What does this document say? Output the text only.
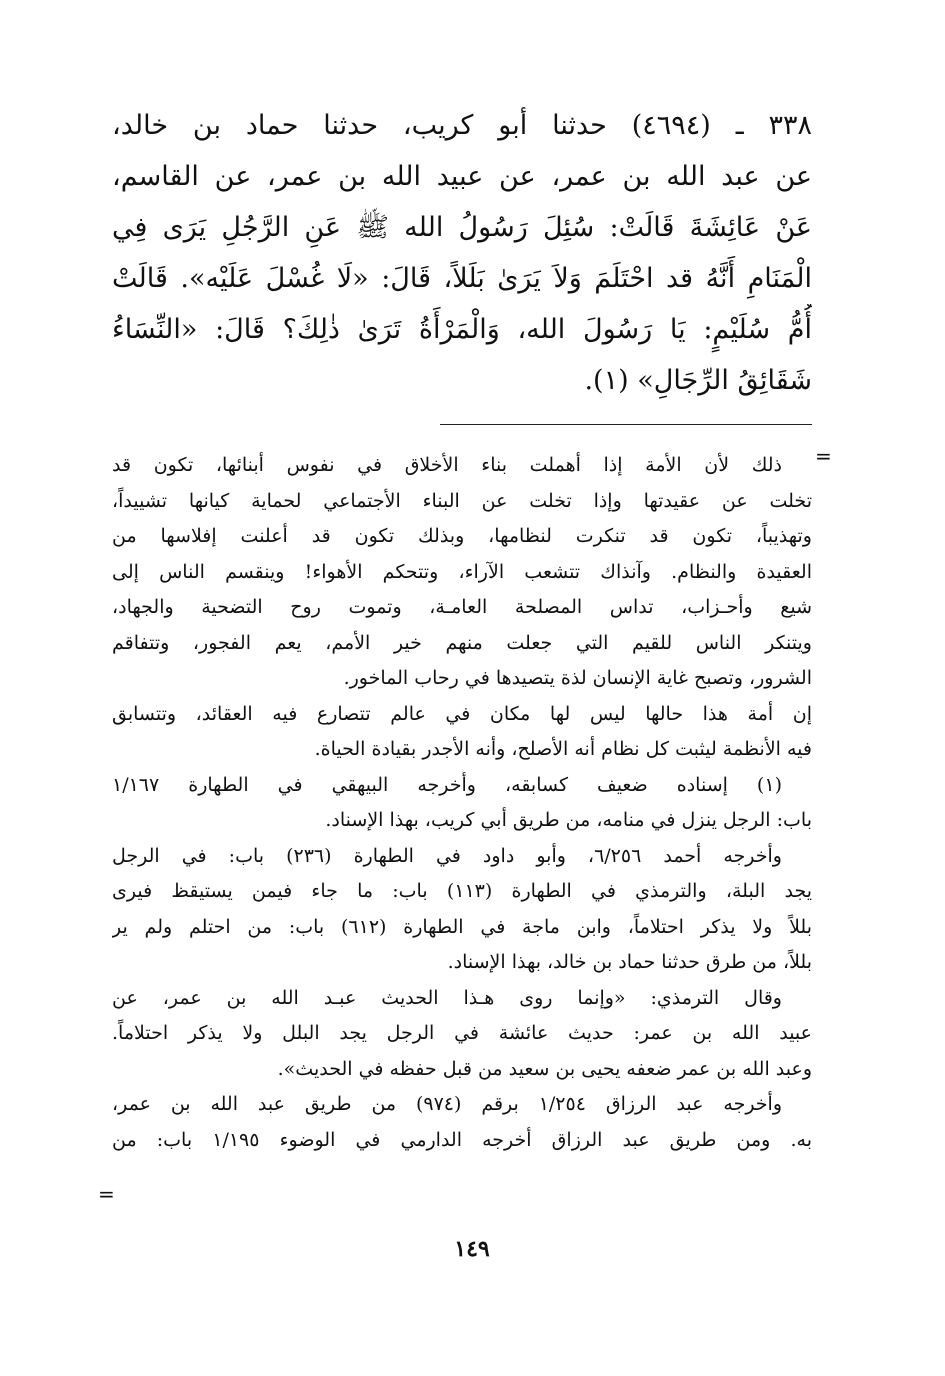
٣٣٨ ـ (٤٦٩٤) حدثنا أبو كريب، حدثنا حماد بن خالد،
عن عبد الله بن عمر، عن عبيد الله بن عمر، عن القاسم،
عَنْ عَائِشَةَ قَالَتْ: سُئِلَ رَسُولُ الله ﷺ عَنِ الرَّجُلِ يَرَى فِي
الْمَنَامِ أَنَّهُ قد احْتَلَمَ وَلاَ يَرَىٰ بَلَلاً، قَالَ: «لَا غُسْلَ عَلَيْه». قَالَتْ
أُمُّ سُلَيْمٍ: يَا رَسُولَ الله، وَالْمَرْأَةُ تَرَىٰ ذٰلِكَ؟ قَالَ: «النِّسَاءُ
شَقَائِقُ الرِّجَالِ» (١).
=
ذلك لأن الأمة إذا أهملت بناء الأخلاق في نفوس أبنائها، تكون قد
تخلت عن عقيدتها وإذا تخلت عن البناء الأجتماعي لحماية كيانها تشييداً،
وتهذيباً، تكون قد تنكرت لنظامها، وبذلك تكون قد أعلنت إفلاسها من
العقيدة والنظام. وآنذاك تتشعب الآراء، وتتحكم الأهواء! وينقسم الناس إلى
شيع وأحـزاب، تداس المصلحة العامـة، وتموت روح التضحية والجهاد،
ويتنكر الناس للقيم التي جعلت منهم خير الأمم، يعم الفجور، وتتفاقم
الشرور، وتصبح غاية الإنسان لذة يتصيدها في رحاب الماخور.
إن أمة هذا حالها ليس لها مكان في عالم تتصارع فيه العقائد، وتتسابق
فيه الأنظمة ليثبت كل نظام أنه الأصلح، وأنه الأجدر بقيادة الحياة.
(١) إسناده ضعيف كسابقه، وأخرجه البيهقي في الطهارة ١/١٦٧
باب: الرجل ينزل في منامه، من طريق أبي كريب، بهذا الإسناد.
وأخرجه أحمد ٦/٢٥٦، وأبو داود في الطهارة (٢٣٦) باب: في الرجل
يجد البلة، والترمذي في الطهارة (١١٣) باب: ما جاء فيمن يستيقظ فيرى
بللاً ولا يذكر احتلاماً، وابن ماجة في الطهارة (٦١٢) باب: من احتلم ولم ير
بللاً، من طرق حدثنا حماد بن خالد، بهذا الإسناد.
وقال الترمذي: «وإنما روى هـذا الحديث عبـد الله بن عمر، عن
عبيد الله بن عمر: حديث عائشة في الرجل يجد البلل ولا يذكر احتلاماً.
وعبد الله بن عمر ضعفه يحيى بن سعيد من قبل حفظه في الحديث».
وأخرجه عبد الرزاق ١/٢٥٤ برقم (٩٧٤) من طريق عبد الله بن عمر،
به. ومن طريق عبد الرزاق أخرجه الدارمي في الوضوء ١/١٩٥ باب: من
=
١٤٩
